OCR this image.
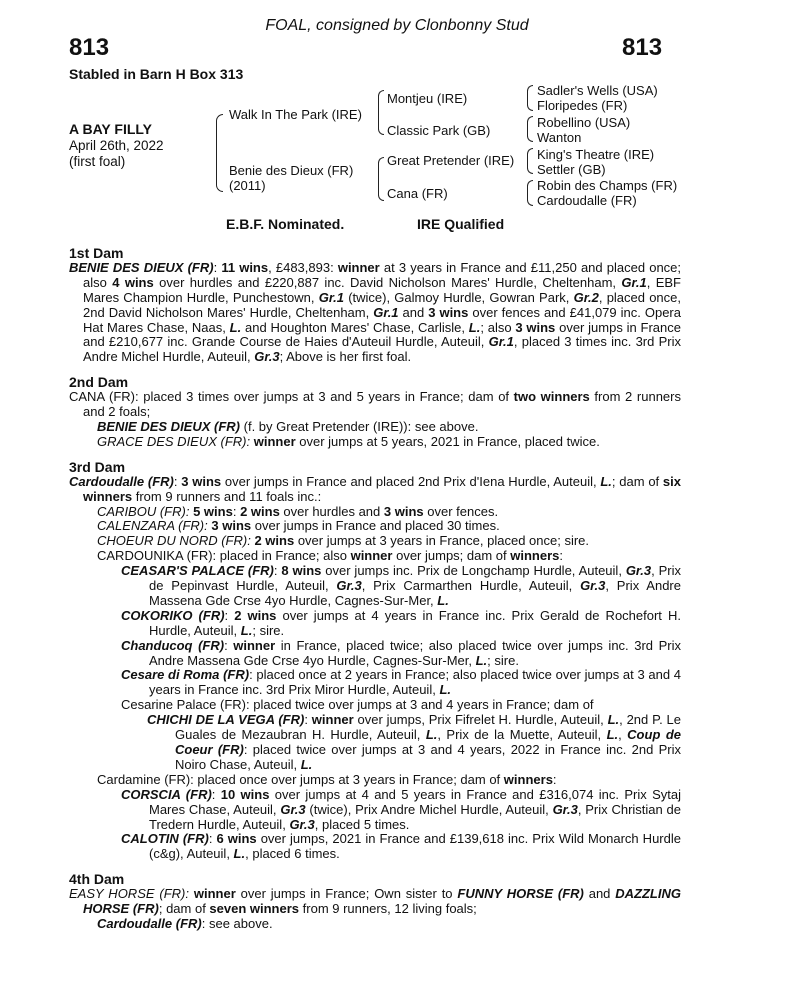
FOAL, consigned by Clonbonny Stud
813	813
Stabled in Barn H Box 313
A BAY FILLY
April 26th, 2022
(first foal)
Walk In The Park (IRE)
Benie des Dieux (FR)
(2011)
Montjeu (IRE)
Classic Park (GB)
Great Pretender (IRE)
Cana (FR)
Sadler's Wells (USA)
Floripedes (FR)
Robellino (USA)
Wanton
King's Theatre (IRE)
Settler (GB)
Robin des Champs (FR)
Cardoudalle (FR)
E.B.F. Nominated.	IRE Qualified
1st Dam

BENIE DES DIEUX (FR): 11 wins, £483,893: winner at 3 years in France and £11,250 and placed once; also 4 wins over hurdles and £220,887 inc. David Nicholson Mares' Hurdle, Cheltenham, Gr.1, EBF Mares Champion Hurdle, Punchestown, Gr.1 (twice), Galmoy Hurdle, Gowran Park, Gr.2, placed once, 2nd David Nicholson Mares' Hurdle, Cheltenham, Gr.1 and 3 wins over fences and £41,079 inc. Opera Hat Mares Chase, Naas, L. and Houghton Mares' Chase, Carlisle, L.; also 3 wins over jumps in France and £210,677 inc. Grande Course de Haies d'Auteuil Hurdle, Auteuil, Gr.1, placed 3 times inc. 3rd Prix Andre Michel Hurdle, Auteuil, Gr.3; Above is her first foal.

2nd Dam

CANA (FR): placed 3 times over jumps at 3 and 5 years in France; dam of two winners from 2 runners and 2 foals;

BENIE DES DIEUX (FR) (f. by Great Pretender (IRE)): see above.

GRACE DES DIEUX (FR): winner over jumps at 5 years, 2021 in France, placed twice.

3rd Dam

Cardoudalle (FR): 3 wins over jumps in France and placed 2nd Prix d'Iena Hurdle, Auteuil, L.; dam of six winners from 9 runners and 11 foals inc.:

CARIBOU (FR): 5 wins: 2 wins over hurdles and 3 wins over fences.

CALENZARA (FR): 3 wins over jumps in France and placed 30 times.

CHOEUR DU NORD (FR): 2 wins over jumps at 3 years in France, placed once; sire.

CARDOUNIKA (FR): placed in France; also winner over jumps; dam of winners:

CEASAR'S PALACE (FR): 8 wins over jumps inc. Prix de Longchamp Hurdle, Auteuil, Gr.3, Prix de Pepinvast Hurdle, Auteuil, Gr.3, Prix Carmarthen Hurdle, Auteuil, Gr.3, Prix Andre Massena Gde Crse 4yo Hurdle, Cagnes-Sur-Mer, L.

COKORIKO (FR): 2 wins over jumps at 4 years in France inc. Prix Gerald de Rochefort H. Hurdle, Auteuil, L.; sire.

Chanducoq (FR): winner in France, placed twice; also placed twice over jumps inc. 3rd Prix Andre Massena Gde Crse 4yo Hurdle, Cagnes-Sur-Mer, L.; sire.

Cesare di Roma (FR): placed once at 2 years in France; also placed twice over jumps at 3 and 4 years in France inc. 3rd Prix Miror Hurdle, Auteuil, L.

Cesarine Palace (FR): placed twice over jumps at 3 and 4 years in France; dam of

CHICHI DE LA VEGA (FR): winner over jumps, Prix Fifrelet H. Hurdle, Auteuil, L., 2nd P. Le Guales de Mezaubran H. Hurdle, Auteuil, L., Prix de la Muette, Auteuil, L., Coup de Coeur (FR): placed twice over jumps at 3 and 4 years, 2022 in France inc. 2nd Prix Noiro Chase, Auteuil, L.

Cardamine (FR): placed once over jumps at 3 years in France; dam of winners:

CORSCIA (FR): 10 wins over jumps at 4 and 5 years in France and £316,074 inc. Prix Sytaj Mares Chase, Auteuil, Gr.3 (twice), Prix Andre Michel Hurdle, Auteuil, Gr.3, Prix Christian de Tredern Hurdle, Auteuil, Gr.3, placed 5 times.

CALOTIN (FR): 6 wins over jumps, 2021 in France and £139,618 inc. Prix Wild Monarch Hurdle (c&g), Auteuil, L., placed 6 times.

4th Dam

EASY HORSE (FR): winner over jumps in France; Own sister to FUNNY HORSE (FR) and DAZZLING HORSE (FR); dam of seven winners from 9 runners, 12 living foals;

Cardoudalle (FR): see above.
